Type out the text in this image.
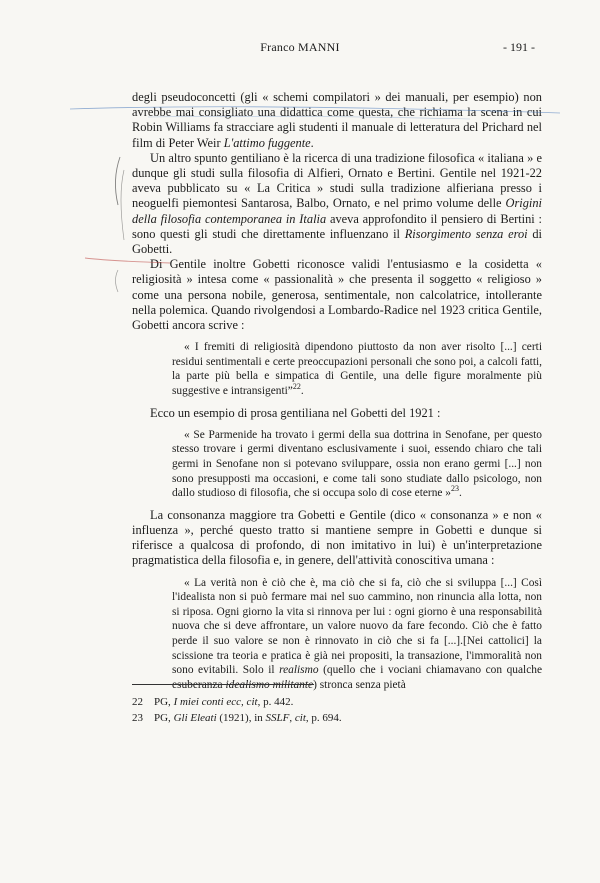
Franco MANNI	- 191 -

degli pseudoconcetti (gli « schemi compilatori » dei manuali, per esempio) non avrebbe mai consigliato una didattica come questa, che richiama la scena in cui Robin Williams fa stracciare agli studenti il manuale di letteratura del Prichard nel film di Peter Weir L'attimo fuggente.

Un altro spunto gentiliano è la ricerca di una tradizione filosofica « italiana » e dunque gli studi sulla filosofia di Alfieri, Ornato e Bertini. Gentile nel 1921-22 aveva pubblicato su « La Critica » studi sulla tradizione alfieriana presso i neoguelfi piemontesi Santarosa, Balbo, Ornato, e nel primo volume delle Origini della filosofia contemporanea in Italia aveva approfondito il pensiero di Bertini : sono questi gli studi che direttamente influenzano il Risorgimento senza eroi di Gobetti.

Di Gentile inoltre Gobetti riconosce validi l'entusiasmo e la cosidetta « religiosità » intesa come « passionalità » che presenta il soggetto « religioso » come una persona nobile, generosa, sentimentale, non calcolatrice, intollerante nella polemica. Quando rivolgendosi a Lombardo-Radice nel 1923 critica Gentile, Gobetti ancora scrive :

« I fremiti di religiosità dipendono piuttosto da non aver risolto [...] certi residui sentimentali e certe preoccupazioni personali che sono poi, a calcoli fatti, la parte più bella e simpatica di Gentile, una delle figure moralmente più suggestive e intransigenti”$^{22}$.

Ecco un esempio di prosa gentiliana nel Gobetti del 1921 :

« Se Parmenide ha trovato i germi della sua dottrina in Senofane, per questo stesso trovare i germi diventano esclusivamente i suoi, essendo chiaro che tali germi in Senofane non si potevano sviluppare, ossia non erano germi [...] non sono presupposti ma occasioni, e come tali sono studiate dallo psicologo, non dallo studioso di filosofia, che si occupa solo di cose eterne »$^{23}$.

La consonanza maggiore tra Gobetti e Gentile (dico « consonanza » e non « influenza », perché questo tratto si mantiene sempre in Gobetti e dunque si riferisce a qualcosa di profondo, di non imitativo in lui) è un'interpretazione pragmatistica della filosofia e, in genere, dell'attività conoscitiva umana :

« La verità non è ciò che è, ma ciò che si fa, ciò che si sviluppa [...] Così l'idealista non si può fermare mai nel suo cammino, non rinuncia alla lotta, non si riposa. Ogni giorno la vita si rinnova per lui : ogni giorno è una responsabilità nuova che si deve affrontare, un valore nuovo da fare fecondo. Ciò che è fatto perde il suo valore se non è rinnovato in ciò che si fa [...].[Nei cattolici] la scissione tra teoria e pratica è già nei propositi, la transazione, l'immoralità non sono evitabili. Solo il realismo (quello che i vociani chiamavano con qualche esuberanza idealismo militante) stronca senza pietà

22	PG, I miei conti ecc, cit, p. 442.
23	PG, Gli Eleati (1921), in SSLF, cit, p. 694.
